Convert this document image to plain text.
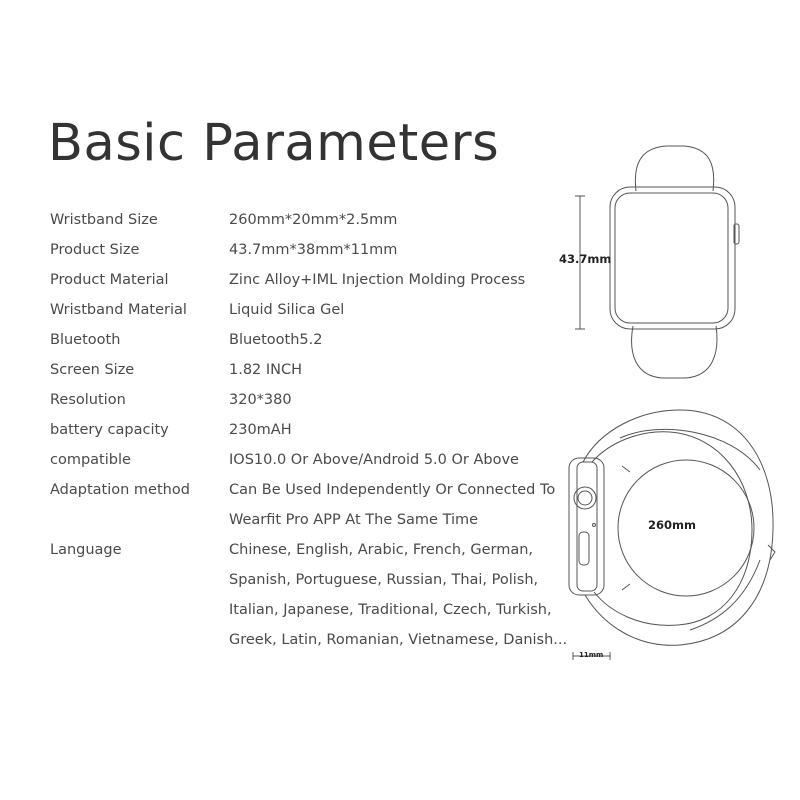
Basic Parameters
Wristband Size	260mm*20mm*2.5mm
Product Size	43.7mm*38mm*11mm
Product Material	Zinc Alloy+IML Injection Molding Process
Wristband Material	Liquid Silica Gel
Bluetooth	Bluetooth5.2
Screen Size	1.82 INCH
Resolution	320*380
battery capacity	230mAH
compatible	IOS10.0 Or Above/Android 5.0 Or Above
Adaptation method	Can Be Used Independently Or Connected To
Wearfit Pro APP At The Same Time
Language	Chinese, English, Arabic, French, German,
Spanish, Portuguese, Russian, Thai, Polish,
Italian, Japanese, Traditional, Czech, Turkish,
Greek, Latin, Romanian, Vietnamese, Danish...
43.7mm
260mm
11mm
